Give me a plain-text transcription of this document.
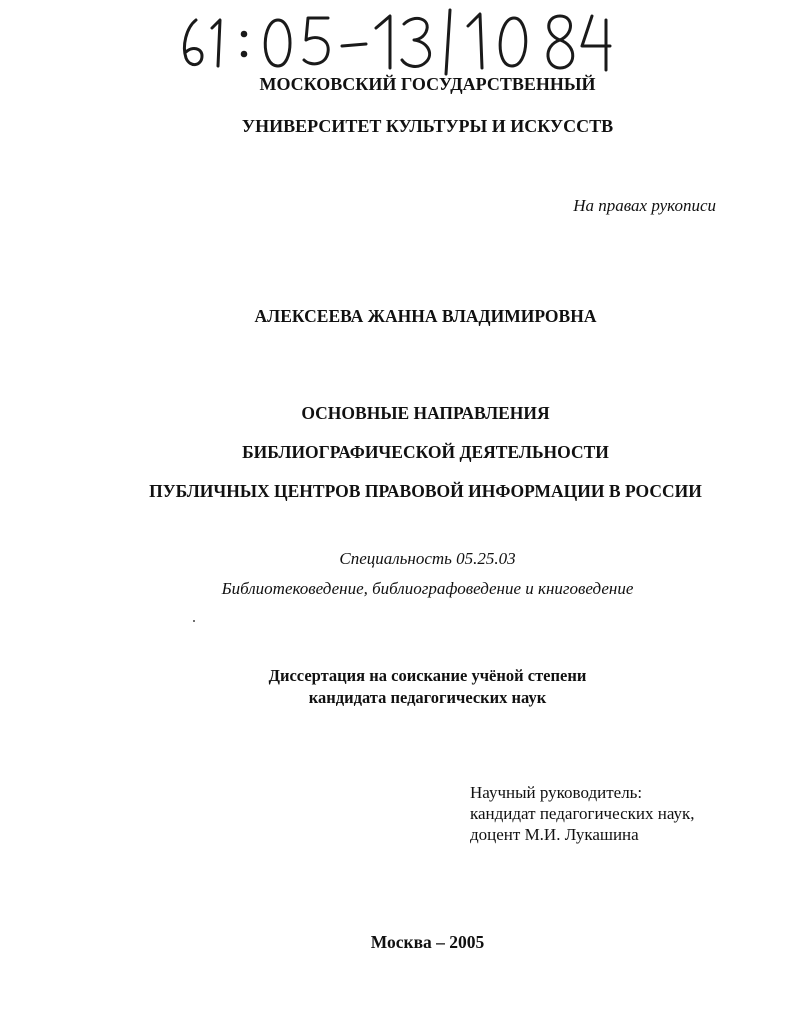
МОСКОВСКИЙ ГОСУДАРСТВЕННЫЙ
УНИВЕРСИТЕТ КУЛЬТУРЫ И ИСКУССТВ
На правах рукописи
АЛЕКСЕЕВА ЖАННА ВЛАДИМИРОВНА
ОСНОВНЫЕ НАПРАВЛЕНИЯ
БИБЛИОГРАФИЧЕСКОЙ ДЕЯТЕЛЬНОСТИ
ПУБЛИЧНЫХ ЦЕНТРОВ ПРАВОВОЙ ИНФОРМАЦИИ В РОССИИ
Специальность 05.25.03
Библиотековедение, библиографоведение и книговедение
Диссертация на соискание учёной степени
кандидата педагогических наук
Научный руководитель:
кандидат педагогических наук,
доцент М.И. Лукашина
Москва – 2005
